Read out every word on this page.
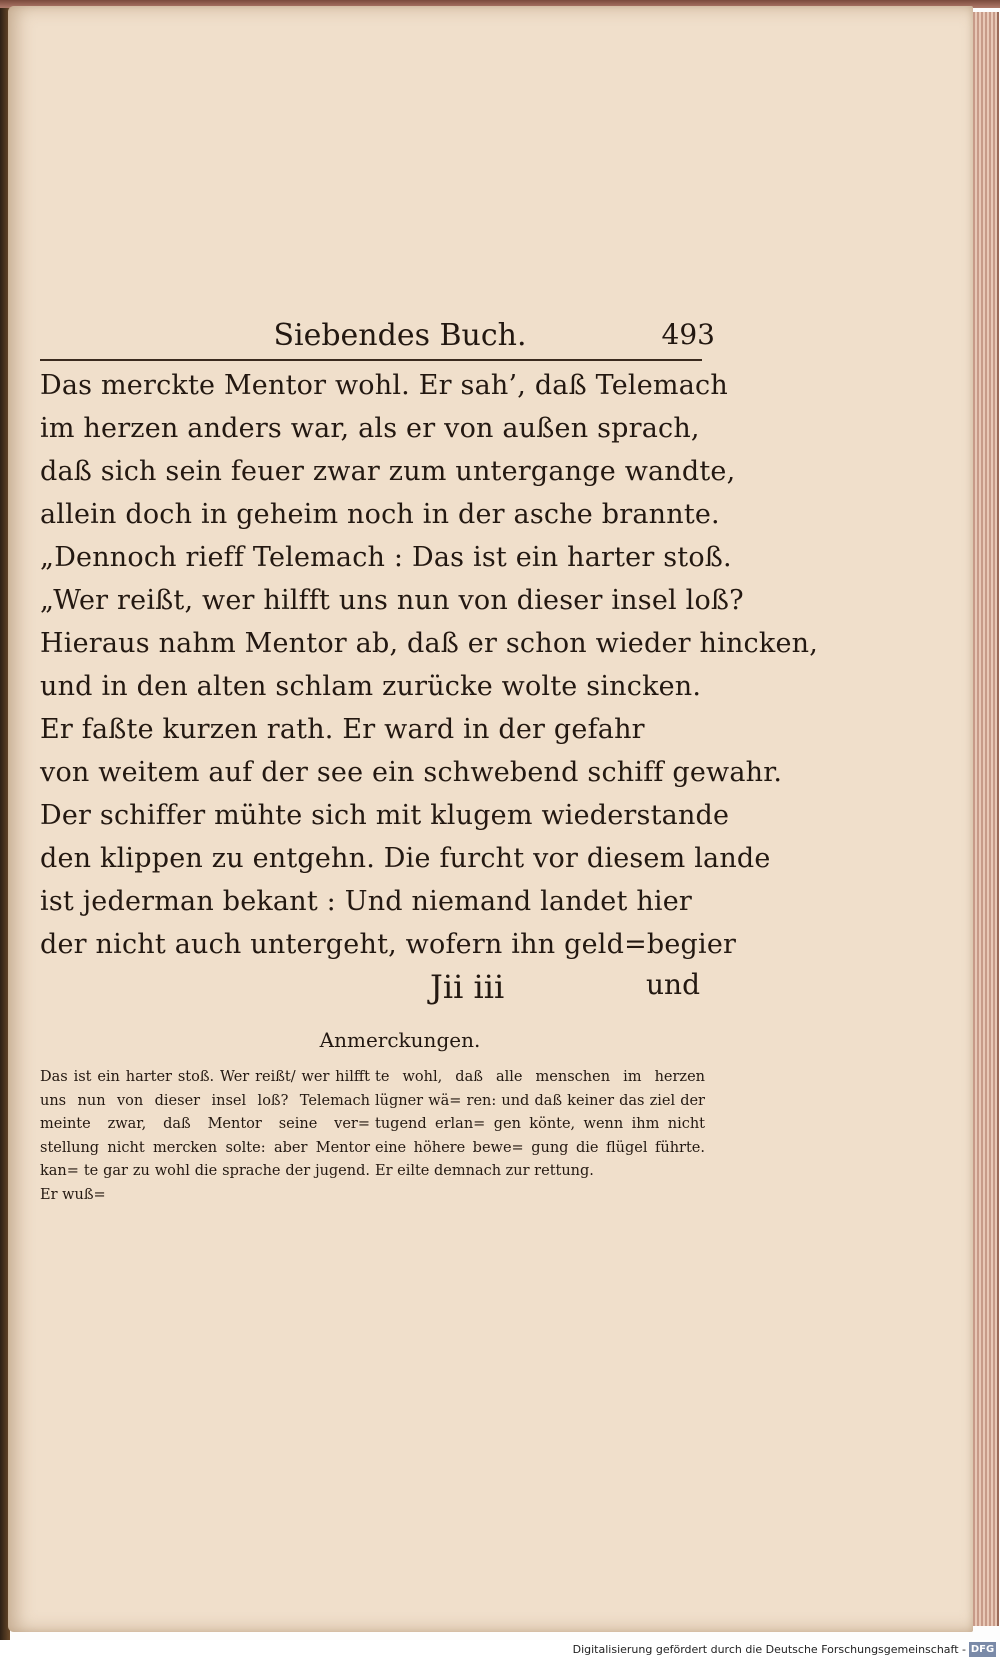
Siebendes Buch.	493
Das merckte Mentor wohl. Er sah’, daß Telemach
im herzen anders war, als er von außen sprach,
daß sich sein feuer zwar zum untergange wandte,
allein doch in geheim noch in der asche brannte.
„Dennoch rieff Telemach : Das ist ein harter stoß.
„Wer reißt, wer hilfft uns nun von dieser insel loß?
Hieraus nahm Mentor ab, daß er schon wieder hincken,
und in den alten schlam zurücke wolte sincken.
Er faßte kurzen rath. Er ward in der gefahr
von weitem auf der see ein schwebend schiff gewahr.
Der schiffer mühte sich mit klugem wiederstande
den klippen zu entgehn. Die furcht vor diesem lande
ist jederman bekant : Und niemand landet hier
der nicht auch untergeht, wofern ihn geld=begier
Jii iii	und
Anmerckungen.
Das ist ein harter stoß. Wer reißt/ wer hilfft uns nun von dieser insel loß? Telemach meinte zwar, daß Mentor seine ver= stellung nicht mercken solte: aber Mentor kan= te gar zu wohl die sprache der jugend. Er wuß=
te wohl, daß alle menschen im herzen lügner wä= ren: und daß keiner das ziel der tugend erlan= gen könte, wenn ihm nicht eine höhere bewe= gung die flügel führte. Er eilte demnach zur rettung.
Digitalisierung gefördert durch die Deutsche Forschungsgemeinschaft - DFG
